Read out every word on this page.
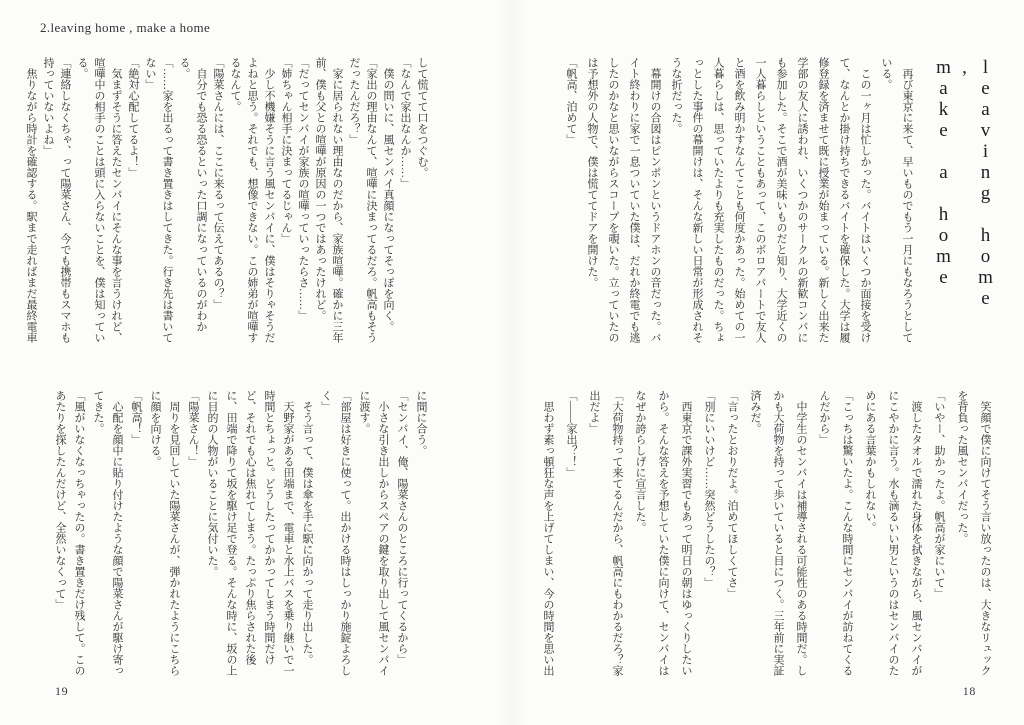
2.leaving home , make a home
leaving home ,
make a home

再び東京に来て、早いものでもう一月にもなろうとしている。

この一ヶ月は忙しかった。バイトはいくつか面接を受けて、なんとか掛け持ちできるバイトを確保した。大学は履修登録を済ませて既に授業が始まっている。新しく出来た学部の友人に誘われ、いくつかのサークルの新歓コンパにも参加した。そこで酒が美味いものだと知り、大学近くの一人暮らしということもあって、このボロアパートで友人と酒を飲み明かすなんてことも何度かあった。始めての一人暮らしは、思っていたよりも充実したものだった。ちょっとした事件の幕開けは、そんな新しい日常が形成されそうな折だった。

幕開けの合図はピンポンというドアホンの音だった。バイト終わりに家で一息ついていた僕は、だれか終電でも逃したのかなと思いながらスコープを覗いた。立っていたのは予想外の人物で、僕は慌ててドアを開けた。

「帆高、泊めて」

笑顔で僕に向けてそう言い放ったのは、大きなリュックを背負った風センパイだった。

「いやー、助かったよ。帆高が家にいて」

渡したタオルで濡れた身体を拭きながら、風センパイがにこやかに言う。水も滴るいい男というのはセンパイのためにある言葉かもしれない。

「こっちは驚いたよ。こんな時間にセンパイが訪ねてくるんだから」

中学生のセンパイは補導される可能性のある時間だ。しかも大荷物を持って歩いていると目につく。三年前に実証済みだ。

「言ったとおりだよ。泊めてほしくてさ」

「別にいいけど……突然どうしたの？」

西東京で課外実習でもあって明日の朝はゆっくりしたいから。そんな答えを予想していた僕に向けて、センパイはなぜか誇らしげに宣言した。

「大荷物持って来てるんだから、帆高にもわかるだろ？家出だよ」

「——家出？！」

思わず素っ頓狂な声を上げてしまい、今の時間を思い出

18

して慌てて口をつぐむ。

「なんで家出なんか……」

僕の問いに、風センパイ真顔になってそっぽを向く。

「家出の理由なんて、喧嘩に決まってるだろ。帆高もそうだったんだろ？」

家に居られない理由なのだから、家族喧嘩。確かに三年前、僕も父との喧嘩が原因の一つではあったけれど。

「だってセンパイが家族の喧嘩っていったらさ……」

「姉ちゃん相手に決まってるじゃん」

少し不機嫌そうに言う風センパイに、僕はそりゃそうだよねと思う。それでも、想像できない。この姉弟が喧嘩するなんて。

「陽菜さんには、ここに来るって伝えてあるの？」

自分でも恐る恐るといった口調になっているのがわかる。

「……家を出るって書き置きはしてきた。行き先は書いてない」

「絶対心配してるよ！」

気まずそうに答えたセンパイにそんな事を言うけれど、喧嘩中の相手のことは頭に入らないことを、僕は知っている。

「連絡しなくちゃ、って陽菜さん、今でも携帯もスマホも持っていないよね」

焦りながら時計を確認する。駅まで走ればまだ最終電車

に間に合う。

「センパイ、俺、陽菜さんのところに行ってくるから」

小さな引き出しからスペアの鍵を取り出して風センパイに渡す。

「部屋は好きに使って。出かける時はしっかり施錠よろしく」

そう言って、僕は傘を手に駅に向かって走り出した。

天野家がある田端まで、電車と水上バスを乗り継いで一時間とちょっと。どうしたってかかってしまう時間だけど、それでも心は焦れてしまう。たっぷり焦らされた後に、田端で降りて坂を駆け足で登る。そんな時に、坂の上に目的の人物がいることに気付いた。

「陽菜さん！」

周りを見回していた陽菜さんが、弾かれたようにこちらに顔を向ける。

「帆高！」

心配を顔中に貼り付けたような顔で陽菜さんが駆け寄ってきた。

「風がいなくなっちゃったの。書き置きだけ残して。このあたりを探したんだけど、全然いなくって」

19
